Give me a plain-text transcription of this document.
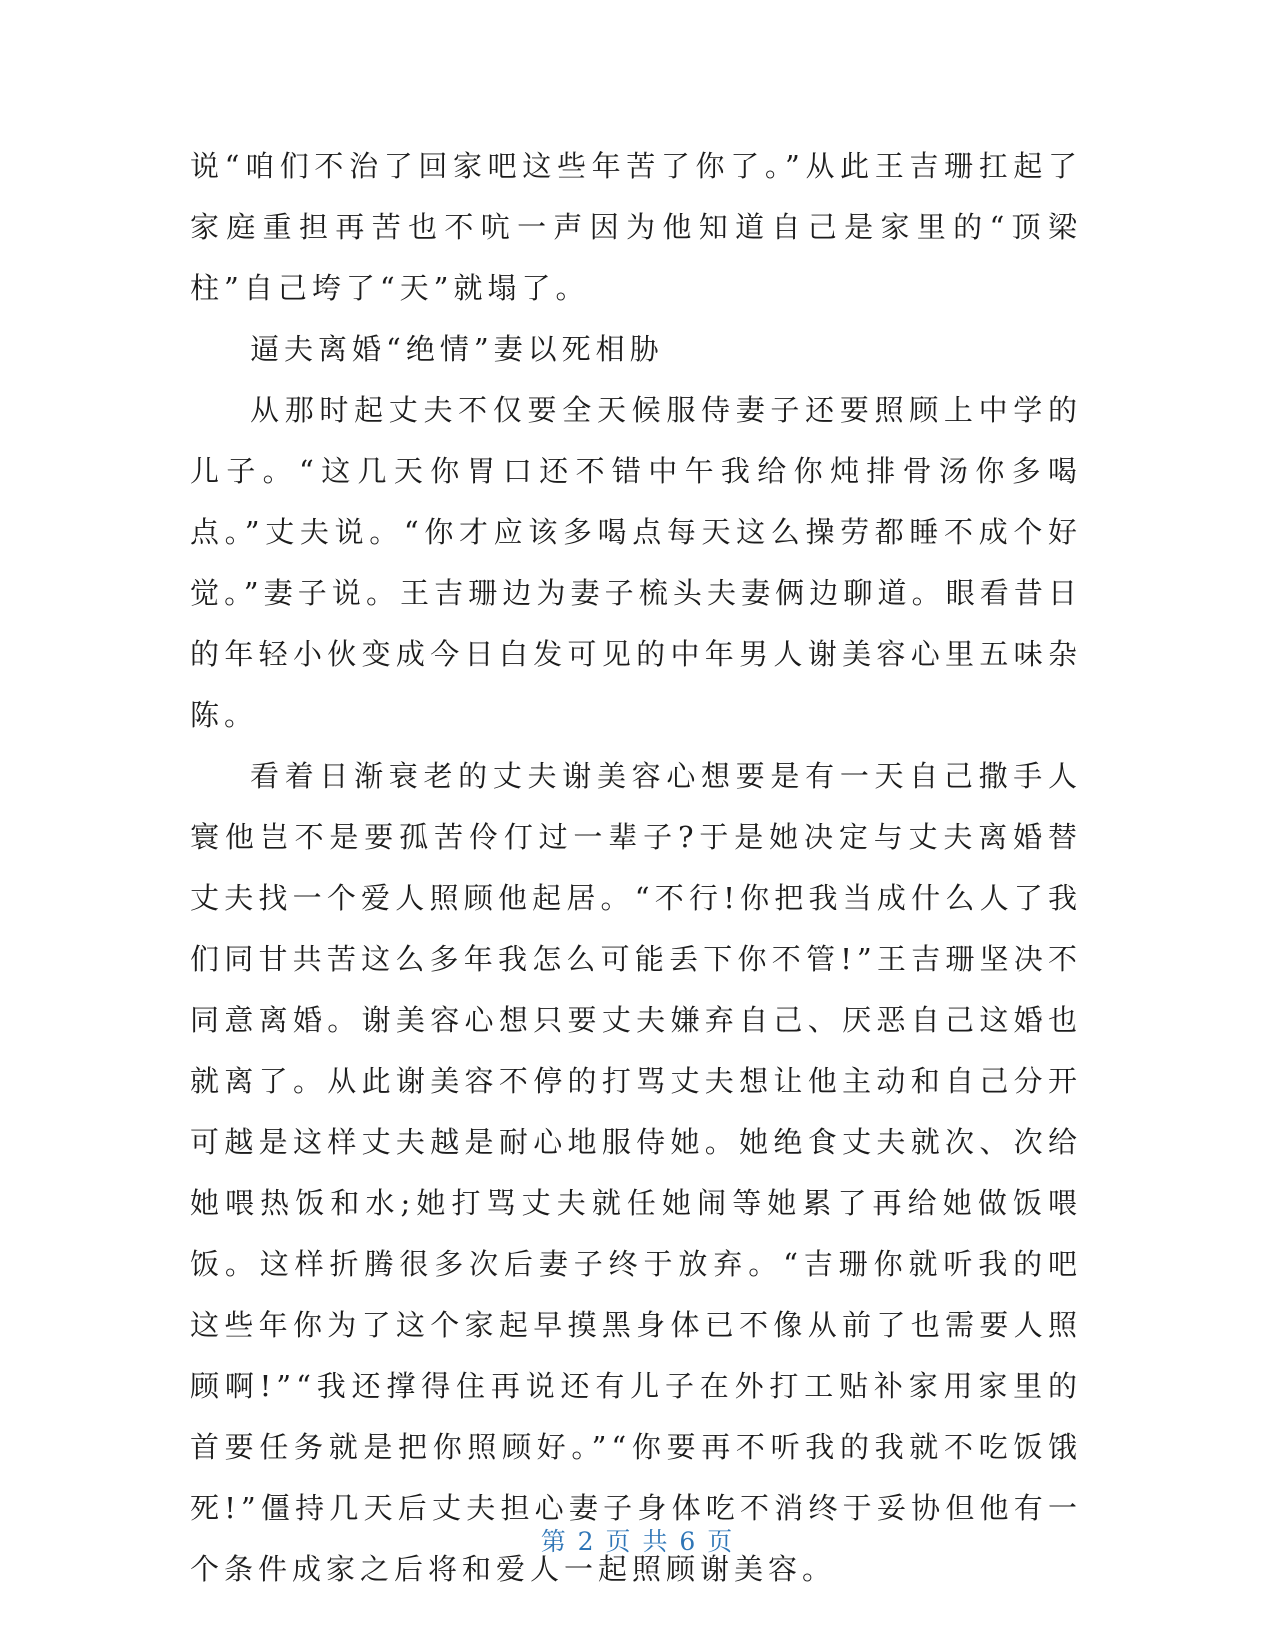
说“咱们不治了回家吧这些年苦了你了。”从此王吉珊扛起了家庭重担再苦也不吭一声因为他知道自己是家里的“顶梁柱”自己垮了“天”就塌了。

逼夫离婚“绝情”妻以死相胁

从那时起丈夫不仅要全天候服侍妻子还要照顾上中学的儿子。“这几天你胃口还不错中午我给你炖排骨汤你多喝点。”丈夫说。“你才应该多喝点每天这么操劳都睡不成个好觉。”妻子说。王吉珊边为妻子梳头夫妻俩边聊道。眼看昔日的年轻小伙变成今日白发可见的中年男人谢美容心里五味杂陈。

看着日渐衰老的丈夫谢美容心想要是有一天自己撒手人寰他岂不是要孤苦伶仃过一辈子?于是她决定与丈夫离婚替丈夫找一个爱人照顾他起居。“不行!你把我当成什么人了我们同甘共苦这么多年我怎么可能丢下你不管!”王吉珊坚决不同意离婚。谢美容心想只要丈夫嫌弃自己、厌恶自己这婚也就离了。从此谢美容不停的打骂丈夫想让他主动和自己分开可越是这样丈夫越是耐心地服侍她。她绝食丈夫就次、次给她喂热饭和水;她打骂丈夫就任她闹等她累了再给她做饭喂饭。这样折腾很多次后妻子终于放弃。“吉珊你就听我的吧这些年你为了这个家起早摸黑身体已不像从前了也需要人照顾啊!”“我还撑得住再说还有儿子在外打工贴补家用家里的首要任务就是把你照顾好。”“你要再不听我的我就不吃饭饿死!”僵持几天后丈夫担心妻子身体吃不消终于妥协但他有一个条件成家之后将和爱人一起照顾谢美容。

第 2 页 共 6 页
